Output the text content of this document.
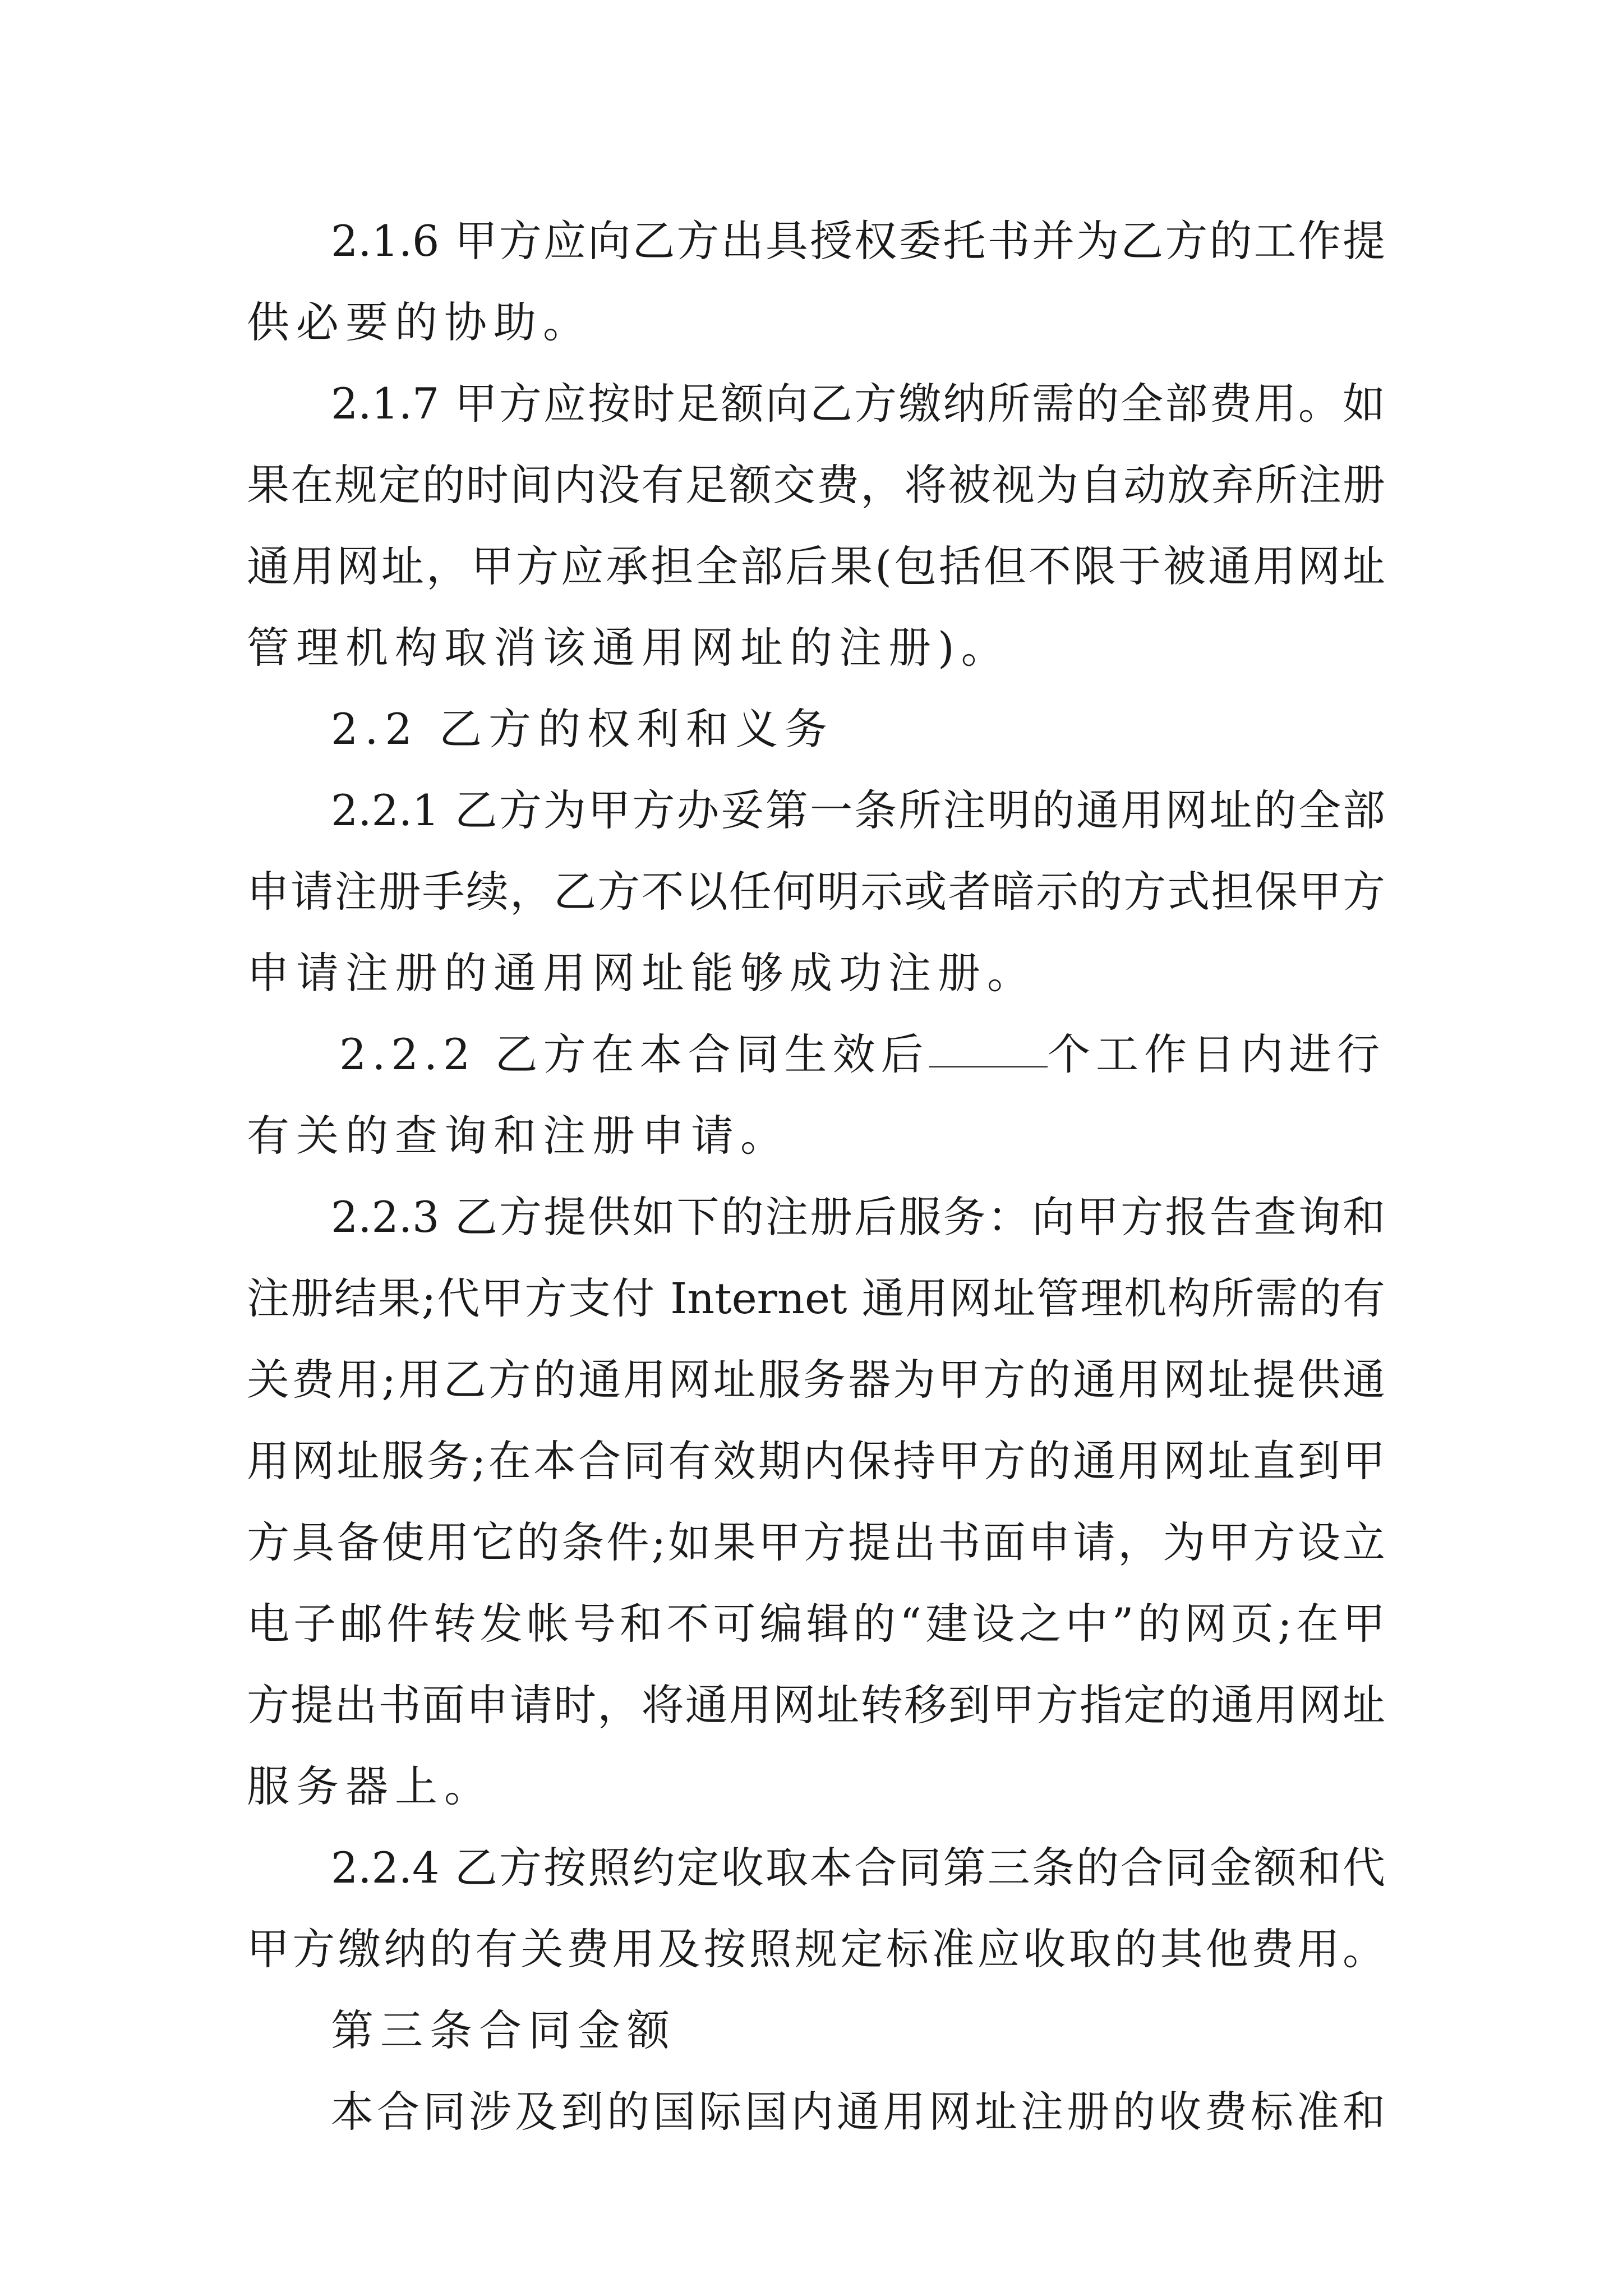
2.1.6 甲方应向乙方出具授权委托书并为乙方的工作提
供必要的协助。
2.1.7 甲方应按时足额向乙方缴纳所需的全部费用。如
果在规定的时间内没有足额交费，将被视为自动放弃所注册
通用网址，甲方应承担全部后果(包括但不限于被通用网址
管理机构取消该通用网址的注册)。
2.2 乙方的权利和义务
2.2.1 乙方为甲方办妥第一条所注明的通用网址的全部
申请注册手续，乙方不以任何明示或者暗示的方式担保甲方
申请注册的通用网址能够成功注册。
2.2.2 乙方在本合同生效后	个工作日内进行
有关的查询和注册申请。
2.2.3 乙方提供如下的注册后服务：向甲方报告查询和
注册结果;代甲方支付 Internet 通用网址管理机构所需的有
关费用;用乙方的通用网址服务器为甲方的通用网址提供通
用网址服务;在本合同有效期内保持甲方的通用网址直到甲
方具备使用它的条件;如果甲方提出书面申请，为甲方设立
电子邮件转发帐号和不可编辑的“建设之中”的网页;在甲
方提出书面申请时，将通用网址转移到甲方指定的通用网址
服务器上。
2.2.4 乙方按照约定收取本合同第三条的合同金额和代
甲方缴纳的有关费用及按照规定标准应收取的其他费用。
第三条合同金额
本合同涉及到的国际国内通用网址注册的收费标准和
